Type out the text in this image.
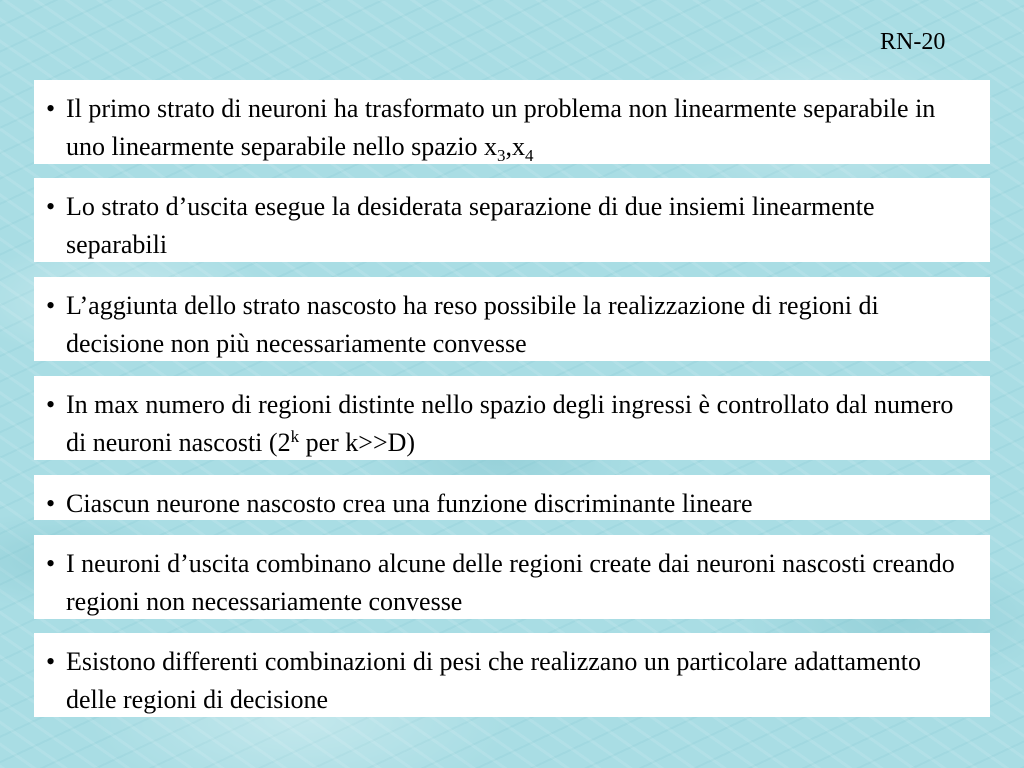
RN-20
• Il primo strato di neuroni ha trasformato un problema non linearmente separabile in uno linearmente separabile nello spazio $x_3,x_4$
• Lo strato d’uscita esegue la desiderata separazione di due insiemi linearmente separabili
• L’aggiunta dello strato nascosto ha reso possibile la realizzazione di regioni di decisione non più necessariamente convesse
• In max numero di regioni distinte nello spazio degli ingressi è controllato dal numero di neuroni nascosti (2$^k$ per k>>D)
• Ciascun neurone nascosto crea una funzione discriminante lineare
• I neuroni d’uscita combinano alcune delle regioni create dai neuroni nascosti creando regioni non necessariamente convesse
• Esistono differenti combinazioni di pesi che realizzano un particolare adattamento delle regioni di decisione
